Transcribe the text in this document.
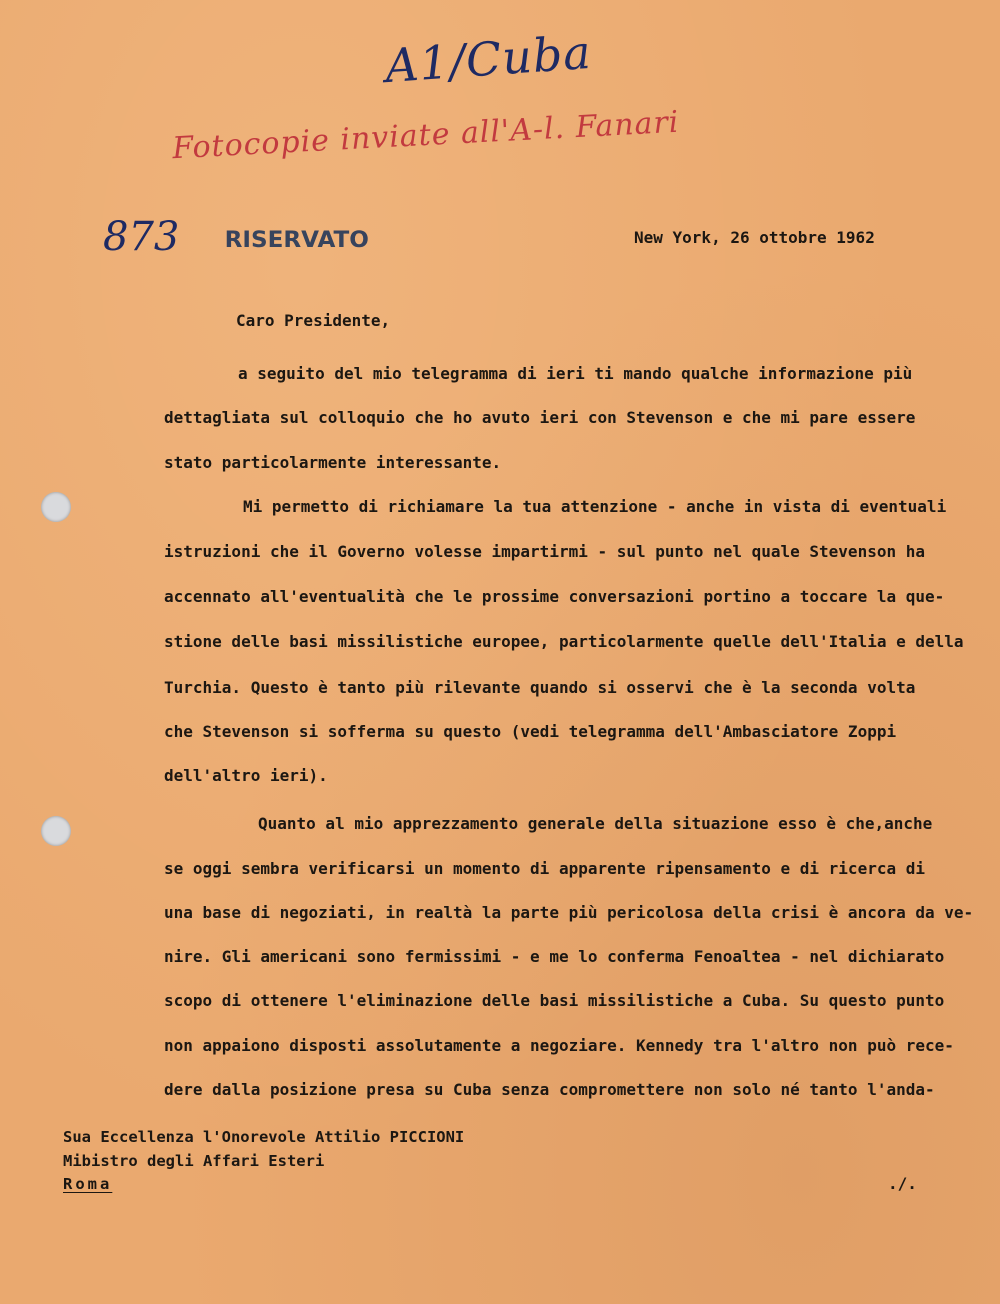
A1/Cuba
Fotocopie inviate all'A-l. Fanari
873 RISERVATO	New York, 26 ottobre 1962
Caro Presidente,
a seguito del mio telegramma di ieri ti mando qualche informazione più
dettagliata sul colloquio che ho avuto ieri con Stevenson e che mi pare essere
stato particolarmente interessante.
Mi permetto di richiamare la tua attenzione - anche in vista di eventuali
istruzioni che il Governo volesse impartirmi - sul punto nel quale Stevenson ha
accennato all'eventualità che le prossime conversazioni portino a toccare la que-
stione delle basi missilistiche europee, particolarmente quelle dell'Italia e della
Turchia. Questo è tanto più rilevante quando si osservi che è la seconda volta
che Stevenson si sofferma su questo (vedi telegramma dell'Ambasciatore Zoppi
dell'altro ieri).
Quanto al mio apprezzamento generale della situazione esso è che,anche
se oggi sembra verificarsi un momento di apparente ripensamento e di ricerca di
una base di negoziati, in realtà la parte più pericolosa della crisi è ancora da ve-
nire. Gli americani sono fermissimi - e me lo conferma Fenoaltea - nel dichiarato
scopo di ottenere l'eliminazione delle basi missilistiche a Cuba. Su questo punto
non appaiono disposti assolutamente a negoziare. Kennedy tra l'altro non può rece-
dere dalla posizione presa su Cuba senza compromettere non solo né tanto l'anda-
Sua Eccellenza l'Onorevole Attilio PICCIONI
Mibistro degli Affari Esteri
Roma	./.
